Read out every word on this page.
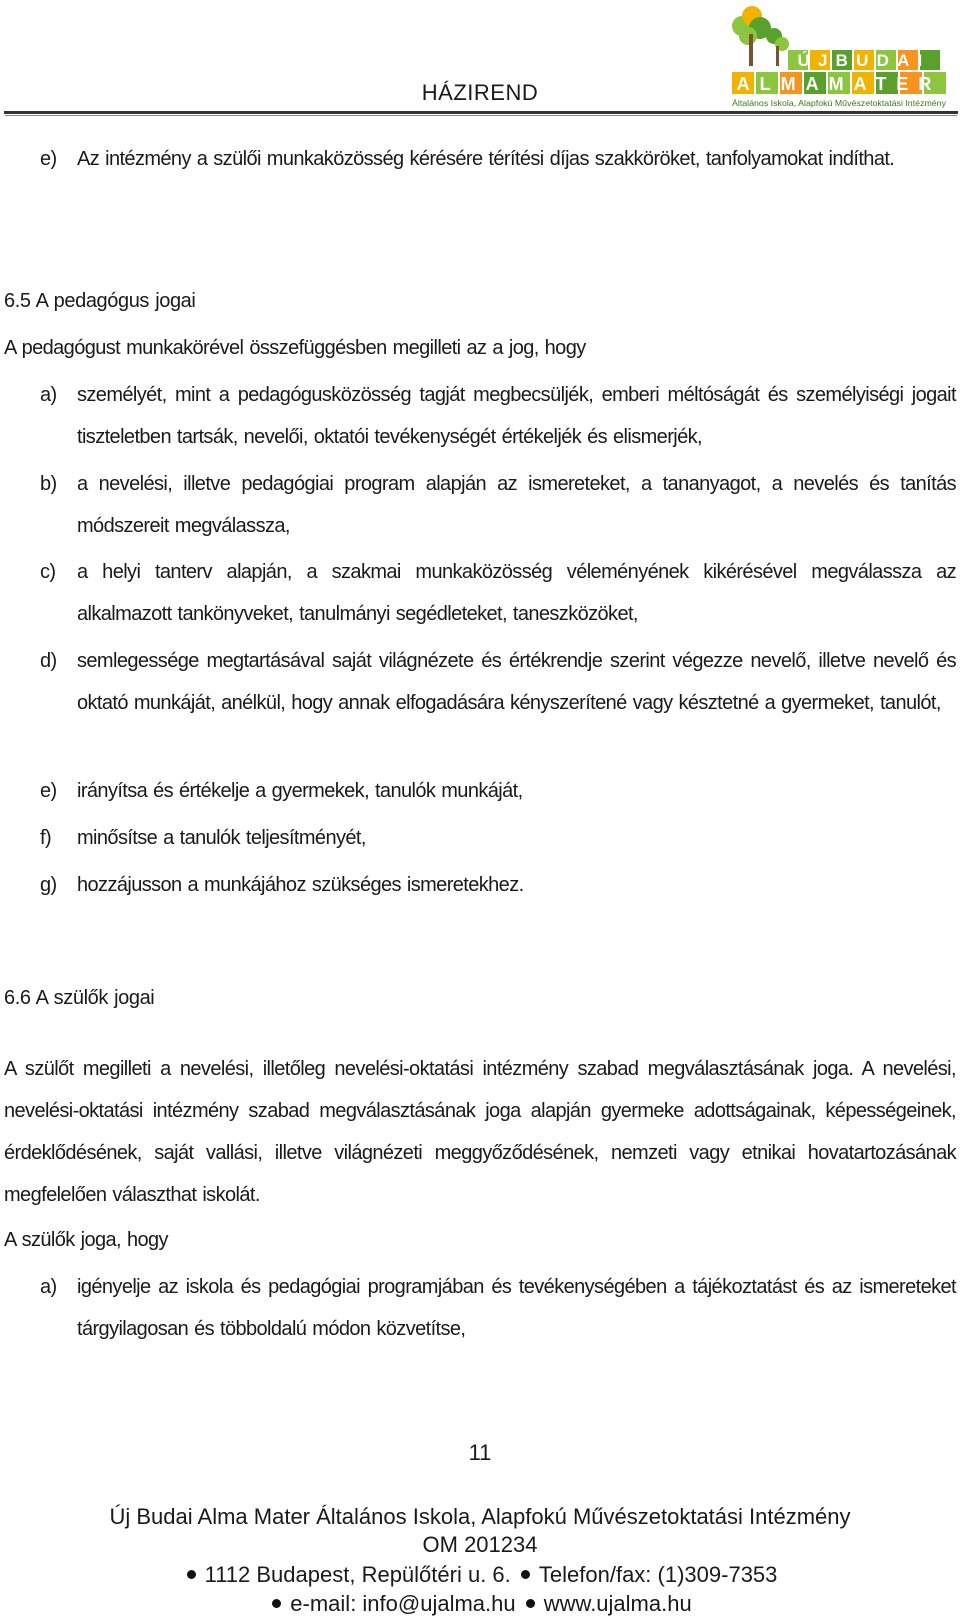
ÚJBUDAI
ALMAMATER
Általános Iskola, Alapfokú Művészetoktatási Intézmény
HÁZIREND
e)	Az intézmény a szülői munkaközösség kérésére térítési díjas szakköröket, tanfolyamokat indíthat.
6.5 A pedagógus jogai
A pedagógust munkakörével összefüggésben megilleti az a jog, hogy
a)	személyét, mint a pedagógusközösség tagját megbecsüljék, emberi méltóságát és személyiségi jogait tiszteletben tartsák, nevelői, oktatói tevékenységét értékeljék és elismerjék,
b)	a nevelési, illetve pedagógiai program alapján az ismereteket, a tananyagot, a nevelés és tanítás módszereit megválassza,
c)	a helyi tanterv alapján, a szakmai munkaközösség véleményének kikérésével megválassza az alkalmazott tankönyveket, tanulmányi segédleteket, taneszközöket,
d)	semlegessége megtartásával saját világnézete és értékrendje szerint végezze nevelő, illetve nevelő és oktató munkáját, anélkül, hogy annak elfogadására kényszerítené vagy késztetné a gyermeket, tanulót,
e)	irányítsa és értékelje a gyermekek, tanulók munkáját,
f)	minősítse a tanulók teljesítményét,
g)	hozzájusson a munkájához szükséges ismeretekhez.
6.6 A szülők jogai
A szülőt megilleti a nevelési, illetőleg nevelési-oktatási intézmény szabad megválasztásának joga. A nevelési, nevelési-oktatási intézmény szabad megválasztásának joga alapján gyermeke adottságainak, képességeinek, érdeklődésének, saját vallási, illetve világnézeti meggyőződésének, nemzeti vagy etnikai hovatartozásának megfelelően választhat iskolát.
A szülők joga, hogy
a)	igényelje az iskola és pedagógiai programjában és tevékenységében a tájékoztatást és az ismereteket tárgyilagosan és többoldalú módon közvetítse,
11
Új Budai Alma Mater Általános Iskola, Alapfokú Művészetoktatási Intézmény
OM 201234
1112 Budapest, Repülőtéri u. 6. Telefon/fax: (1)309-7353
e-mail: info@ujalma.hu www.ujalma.hu
